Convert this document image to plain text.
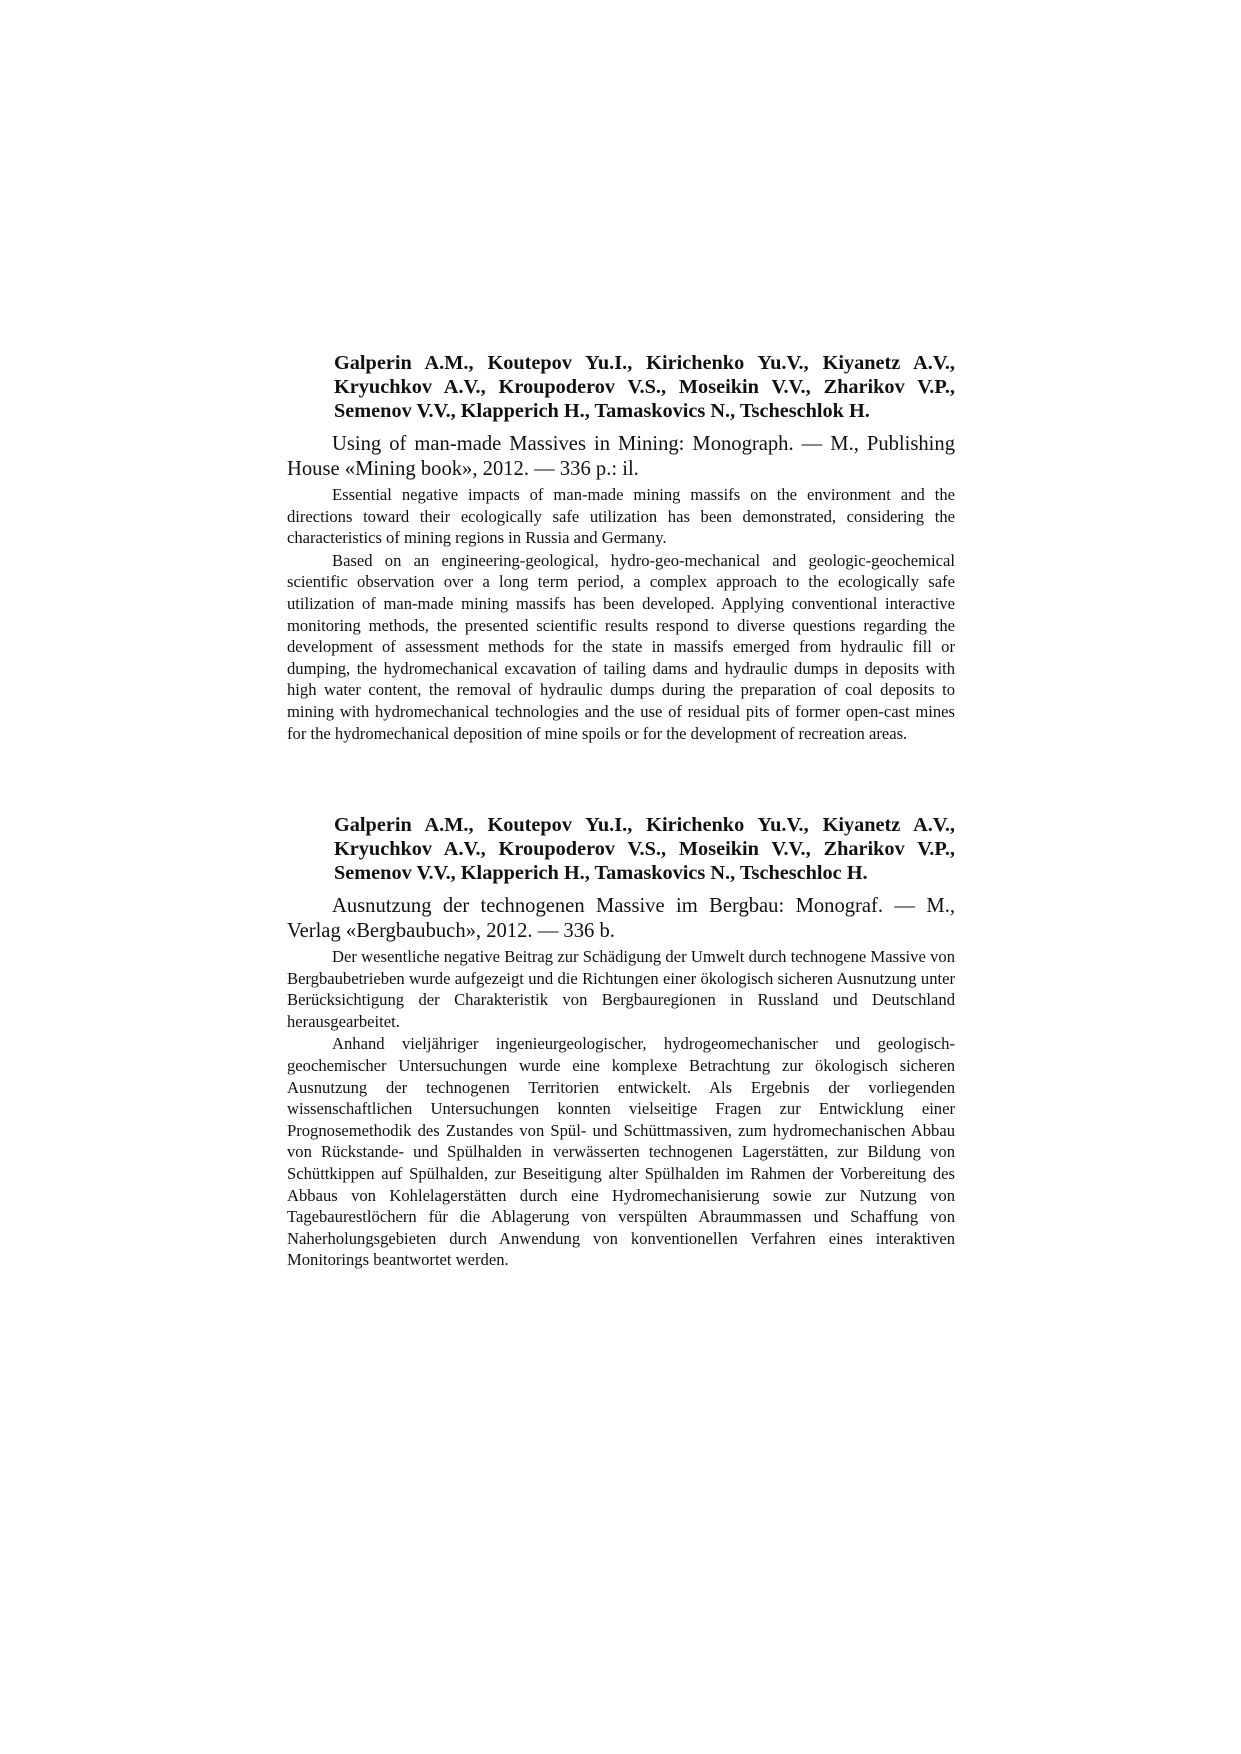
Galperin A.M., Koutepov Yu.I., Kirichenko Yu.V., Kiyanetz A.V., Kryuchkov A.V., Kroupoderov V.S., Moseikin V.V., Zharikov V.P., Semenov V.V., Klapperich H., Tamaskovics N., Tscheschlok H.

Using of man-made Massives in Mining: Monograph. — M., Publishing House «Mining book», 2012. — 336 p.: il.

Essential negative impacts of man-made mining massifs on the environment and the directions toward their ecologically safe utilization has been demonstrated, considering the characteristics of mining regions in Russia and Germany.

Based on an engineering-geological, hydro-geo-mechanical and geologic-geochemical scientific observation over a long term period, a complex approach to the ecologically safe utilization of man-made mining massifs has been developed. Applying conventional interactive monitoring methods, the presented scientific results respond to diverse questions regarding the development of assessment methods for the state in massifs emerged from hydraulic fill or dumping, the hydromechanical excavation of tailing dams and hydraulic dumps in deposits with high water content, the removal of hydraulic dumps during the preparation of coal deposits to mining with hydromechanical technologies and the use of residual pits of former open-cast mines for the hydromechanical deposition of mine spoils or for the development of recreation areas.

Galperin A.M., Koutepov Yu.I., Kirichenko Yu.V., Kiyanetz A.V., Kryuchkov A.V., Kroupoderov V.S., Moseikin V.V., Zharikov V.P., Semenov V.V., Klapperich H., Tamaskovics N., Tscheschloc H.

Ausnutzung der technogenen Massive im Bergbau: Monograf. — M., Verlag «Bergbaubuch», 2012. — 336 b.

Der wesentliche negative Beitrag zur Schädigung der Umwelt durch technogene Massive von Bergbaubetrieben wurde aufgezeigt und die Richtungen einer ökologisch sicheren Ausnutzung unter Berücksichtigung der Charakteristik von Bergbauregionen in Russland und Deutschland herausgearbeitet.

Anhand vieljähriger ingenieurgeologischer, hydrogeomechanischer und geologisch-geochemischer Untersuchungen wurde eine komplexe Betrachtung zur ökologisch sicheren Ausnutzung der technogenen Territorien entwickelt. Als Ergebnis der vorliegenden wissenschaftlichen Untersuchungen konnten vielseitige Fragen zur Entwicklung einer Prognosemethodik des Zustandes von Spül- und Schüttmassiven, zum hydromechanischen Abbau von Rückstande- und Spülhalden in verwässerten technogenen Lagerstätten, zur Bildung von Schüttkippen auf Spülhalden, zur Beseitigung alter Spülhalden im Rahmen der Vorbereitung des Abbaus von Kohlelagerstätten durch eine Hydromechanisierung sowie zur Nutzung von Tagebaurestlöchern für die Ablagerung von verspülten Abraummassen und Schaffung von Naherholungsgebieten durch Anwendung von konventionellen Verfahren eines interaktiven Monitorings beantwortet werden.
